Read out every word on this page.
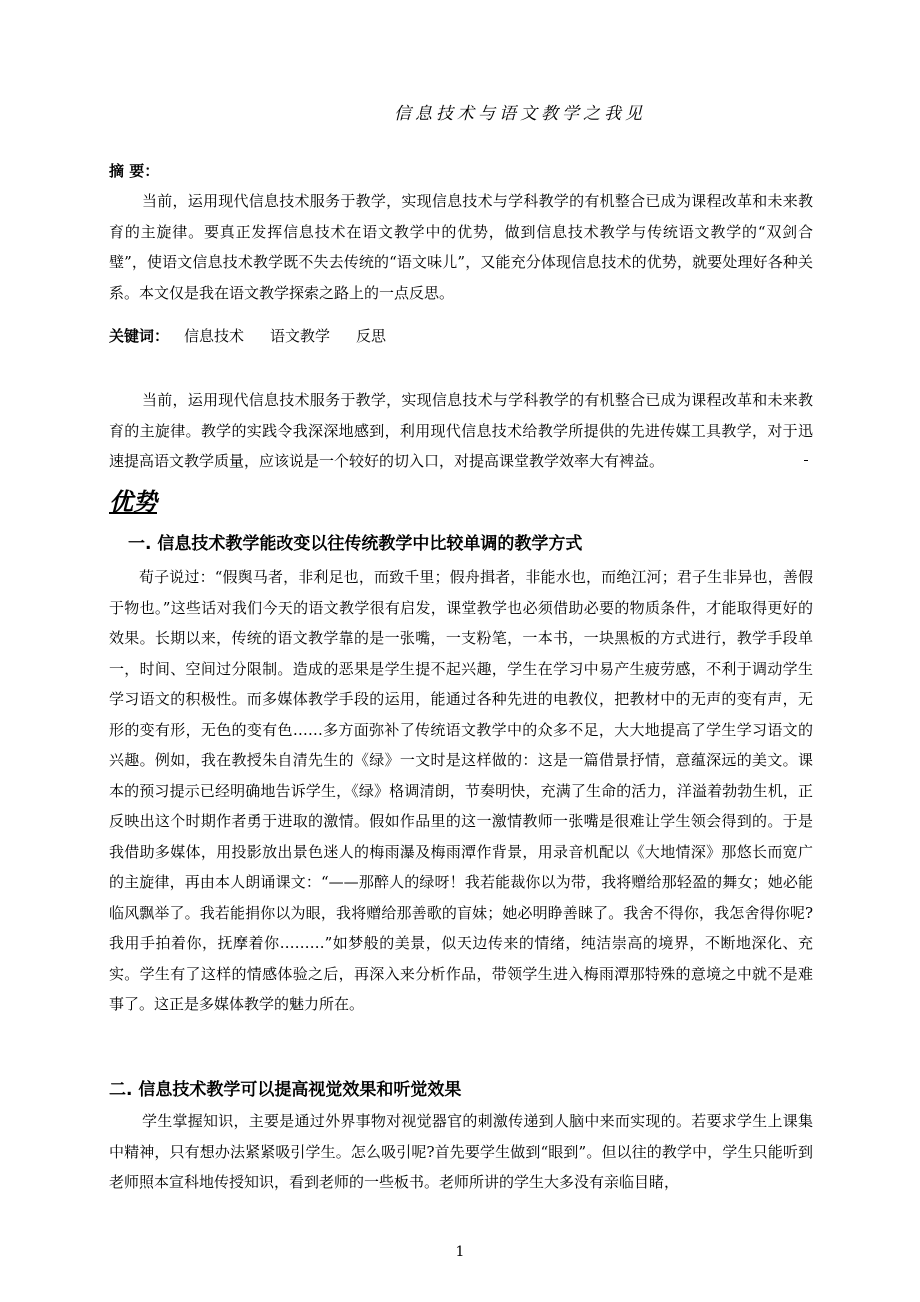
信息技术与语文教学之我见
摘 要：

当前，运用现代信息技术服务于教学，实现信息技术与学科教学的有机整合已成为课程改革和未来教育的主旋律。要真正发挥信息技术在语文教学中的优势，做到信息技术教学与传统语文教学的“双剑合璧”，使语文信息技术教学既不失去传统的“语文味儿”，又能充分体现信息技术的优势，就要处理好各种关系。本文仅是我在语文教学探索之路上的一点反思。

关键词： 信息技术 语文教学 反思

当前，运用现代信息技术服务于教学，实现信息技术与学科教学的有机整合已成为课程改革和未来教育的主旋律。教学的实践令我深深地感到，利用现代信息技术给教学所提供的先进传媒工具教学，对于迅速提高语文教学质量，应该说是一个较好的切入口，对提高课堂教学效率大有裨益。

优势
一. 信息技术教学能改变以往传统教学中比较单调的教学方式

荀子说过：“假舆马者，非利足也，而致千里；假舟揖者，非能水也，而绝江河；君子生非异也，善假于物也。”这些话对我们今天的语文教学很有启发，课堂教学也必须借助必要的物质条件，才能取得更好的效果。长期以来，传统的语文教学靠的是一张嘴，一支粉笔，一本书，一块黑板的方式进行，教学手段单一，时间、空间过分限制。造成的恶果是学生提不起兴趣，学生在学习中易产生疲劳感，不利于调动学生学习语文的积极性。而多媒体教学手段的运用，能通过各种先进的电教仪，把教材中的无声的变有声，无形的变有形，无色的变有色……多方面弥补了传统语文教学中的众多不足，大大地提高了学生学习语文的兴趣。例如，我在教授朱自清先生的《绿》一文时是这样做的：这是一篇借景抒情，意蕴深远的美文。课本的预习提示已经明确地告诉学生，《绿》格调清朗，节奏明快，充满了生命的活力，洋溢着勃勃生机，正反映出这个时期作者勇于进取的激情。假如作品里的这一激情教师一张嘴是很难让学生领会得到的。于是我借助多媒体，用投影放出景色迷人的梅雨瀑及梅雨潭作背景，用录音机配以《大地情深》那悠长而宽广的主旋律，再由本人朗诵课文：“——那醉人的绿呀！我若能裁你以为带，我将赠给那轻盈的舞女；她必能临风飘举了。我若能捐你以为眼，我将赠给那善歌的盲妹；她必明睁善睐了。我舍不得你，我怎舍得你呢?我用手拍着你，抚摩着你………”如梦般的美景，似天边传来的情绪，纯洁崇高的境界，不断地深化、充实。学生有了这样的情感体验之后，再深入来分析作品，带领学生进入梅雨潭那特殊的意境之中就不是难事了。这正是多媒体教学的魅力所在。

二. 信息技术教学可以提高视觉效果和听觉效果

学生掌握知识，主要是通过外界事物对视觉器官的刺激传递到人脑中来而实现的。若要求学生上课集中精神，只有想办法紧紧吸引学生。怎么吸引呢?首先要学生做到“眼到”。但以往的教学中，学生只能听到老师照本宣科地传授知识，看到老师的一些板书。老师所讲的学生大多没有亲临目睹，

1
